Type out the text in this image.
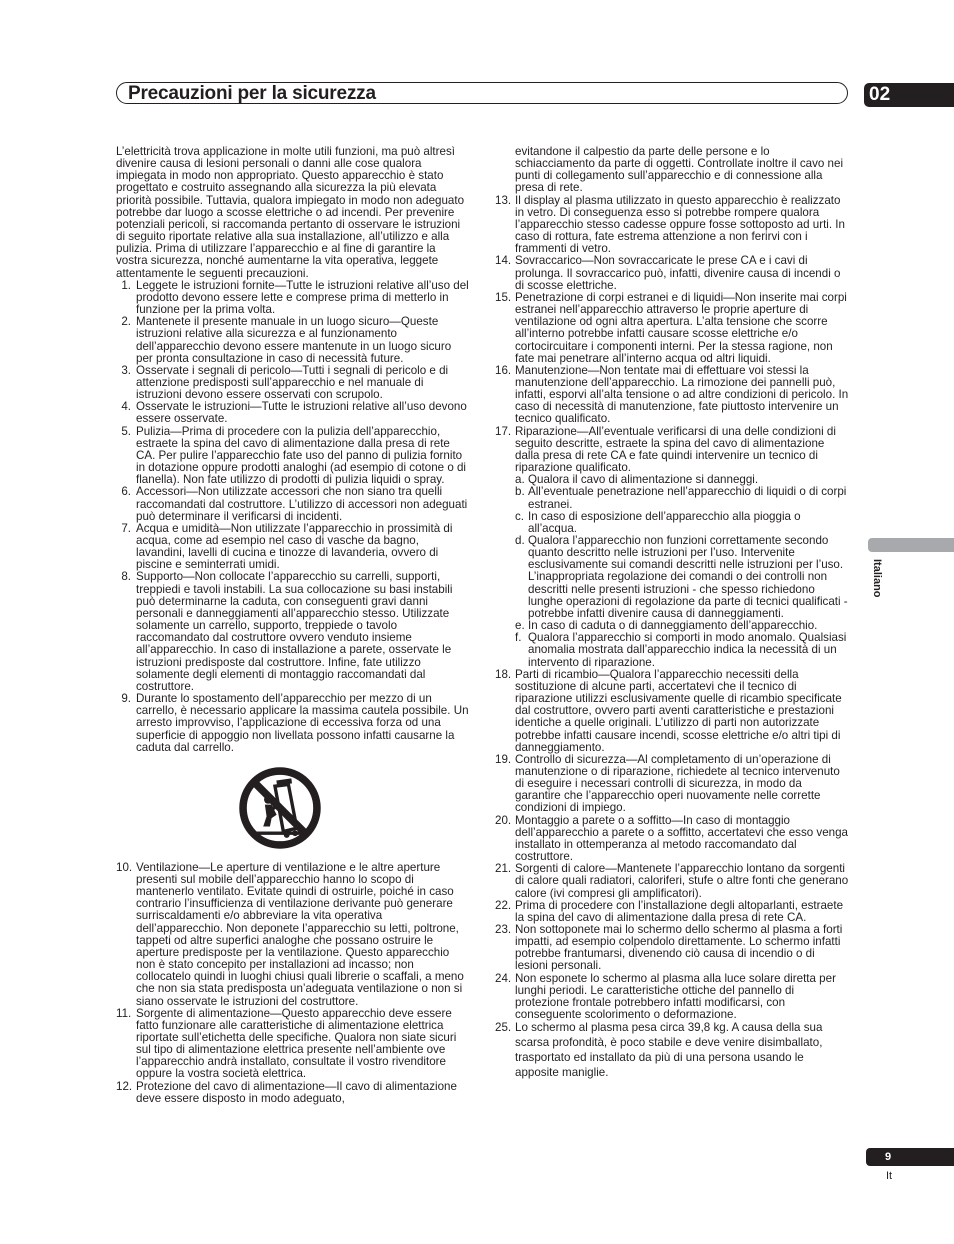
Precauzioni per la sicurezza	02
Italiano
9
It

L’elettricità trova applicazione in molte utili funzioni, ma può altresì divenire causa di lesioni personali o danni alle cose qualora impiegata in modo non appropriato. Questo apparecchio è stato progettato e costruito assegnando alla sicurezza la più elevata priorità possibile. Tuttavia, qualora impiegato in modo non adeguato potrebbe dar luogo a scosse elettriche o ad incendi. Per prevenire potenziali pericoli, si raccomanda pertanto di osservare le istruzioni di seguito riportate relative alla sua installazione, all’utilizzo e alla pulizia. Prima di utilizzare l’apparecchio e al fine di garantire la vostra sicurezza, nonché aumentarne la vita operativa, leggete attentamente le seguenti precauzioni.

1. Leggete le istruzioni fornite—Tutte le istruzioni relative all’uso del prodotto devono essere lette e comprese prima di metterlo in funzione per la prima volta.
2. Mantenete il presente manuale in un luogo sicuro—Queste istruzioni relative alla sicurezza e al funzionamento dell’apparecchio devono essere mantenute in un luogo sicuro per pronta consultazione in caso di necessità future.
3. Osservate i segnali di pericolo—Tutti i segnali di pericolo e di attenzione predisposti sull’apparecchio e nel manuale di istruzioni devono essere osservati con scrupolo.
4. Osservate le istruzioni—Tutte le istruzioni relative all’uso devono essere osservate.
5. Pulizia—Prima di procedere con la pulizia dell’apparecchio, estraete la spina del cavo di alimentazione dalla presa di rete CA. Per pulire l’apparecchio fate uso del panno di pulizia fornito in dotazione oppure prodotti analoghi (ad esempio di cotone o di flanella). Non fate utilizzo di prodotti di pulizia liquidi o spray.
6. Accessori—Non utilizzate accessori che non siano tra quelli raccomandati dal costruttore. L’utilizzo di accessori non adeguati può determinare il verificarsi di incidenti.
7. Acqua e umidità—Non utilizzate l’apparecchio in prossimità di acqua, come ad esempio nel caso di vasche da bagno, lavandini, lavelli di cucina e tinozze di lavanderia, ovvero di piscine e seminterrati umidi.
8. Supporto—Non collocate l’apparecchio su carrelli, supporti, treppiedi e tavoli instabili. La sua collocazione su basi instabili può determinarne la caduta, con conseguenti gravi danni personali e danneggiamenti all’apparecchio stesso. Utilizzate solamente un carrello, supporto, treppiede o tavolo raccomandato dal costruttore ovvero venduto insieme all’apparecchio. In caso di installazione a parete, osservate le istruzioni predisposte dal costruttore. Infine, fate utilizzo solamente degli elementi di montaggio raccomandati dal costruttore.
9. Durante lo spostamento dell’apparecchio per mezzo di un carrello, è necessario applicare la massima cautela possibile. Un arresto improvviso, l’applicazione di eccessiva forza od una superficie di appoggio non livellata possono infatti causarne la caduta dal carrello.
10. Ventilazione—Le aperture di ventilazione e le altre aperture presenti sul mobile dell’apparecchio hanno lo scopo di mantenerlo ventilato. Evitate quindi di ostruirle, poiché in caso contrario l’insufficienza di ventilazione derivante può generare surriscaldamenti e/o abbreviare la vita operativa dell’apparecchio. Non deponete l’apparecchio su letti, poltrone, tappeti od altre superfici analoghe che possano ostruire le aperture predisposte per la ventilazione. Questo apparecchio non è stato concepito per installazioni ad incasso; non collocatelo quindi in luoghi chiusi quali librerie o scaffali, a meno che non sia stata predisposta un’adeguata ventilazione o non si siano osservate le istruzioni del costruttore.
11. Sorgente di alimentazione—Questo apparecchio deve essere fatto funzionare alle caratteristiche di alimentazione elettrica riportate sull’etichetta delle specifiche. Qualora non siate sicuri sul tipo di alimentazione elettrica presente nell’ambiente ove l’apparecchio andrà installato, consultate il vostro rivenditore oppure la vostra società elettrica.
12. Protezione del cavo di alimentazione—Il cavo di alimentazione deve essere disposto in modo adeguato,

evitandone il calpestio da parte delle persone e lo schiacciamento da parte di oggetti. Controllate inoltre il cavo nei punti di collegamento sull’apparecchio e di connessione alla presa di rete.

13. Il display al plasma utilizzato in questo apparecchio è realizzato in vetro. Di conseguenza esso si potrebbe rompere qualora l’apparecchio stesso cadesse oppure fosse sottoposto ad urti. In caso di rottura, fate estrema attenzione a non ferirvi con i frammenti di vetro.
14. Sovraccarico—Non sovraccaricate le prese CA e i cavi di prolunga. Il sovraccarico può, infatti, divenire causa di incendi o di scosse elettriche.
15. Penetrazione di corpi estranei e di liquidi—Non inserite mai corpi estranei nell’apparecchio attraverso le proprie aperture di ventilazione od ogni altra apertura. L’alta tensione che scorre all’interno potrebbe infatti causare scosse elettriche e/o cortocircuitare i componenti interni. Per la stessa ragione, non fate mai penetrare all’interno acqua od altri liquidi.
16. Manutenzione—Non tentate mai di effettuare voi stessi la manutenzione dell’apparecchio. La rimozione dei pannelli può, infatti, esporvi all’alta tensione o ad altre condizioni di pericolo. In caso di necessità di manutenzione, fate piuttosto intervenire un tecnico qualificato.
17. Riparazione—All’eventuale verificarsi di una delle condizioni di seguito descritte, estraete la spina del cavo di alimentazione dalla presa di rete CA e fate quindi intervenire un tecnico di riparazione qualificato.
a. Qualora il cavo di alimentazione si danneggi.
b. All’eventuale penetrazione nell’apparecchio di liquidi o di corpi estranei.
c. In caso di esposizione dell’apparecchio alla pioggia o all’acqua.
d. Qualora l’apparecchio non funzioni correttamente secondo quanto descritto nelle istruzioni per l’uso. Intervenite esclusivamente sui comandi descritti nelle istruzioni per l’uso. L’inappropriata regolazione dei comandi o dei controlli non descritti nelle presenti istruzioni - che spesso richiedono lunghe operazioni di regolazione da parte di tecnici qualificati - potrebbe infatti divenire causa di danneggiamenti.
e. In caso di caduta o di danneggiamento dell’apparecchio.
f. Qualora l’apparecchio si comporti in modo anomalo. Qualsiasi anomalia mostrata dall’apparecchio indica la necessità di un intervento di riparazione.
18. Parti di ricambio—Qualora l’apparecchio necessiti della sostituzione di alcune parti, accertatevi che il tecnico di riparazione utilizzi esclusivamente quelle di ricambio specificate dal costruttore, ovvero parti aventi caratteristiche e prestazioni identiche a quelle originali. L’utilizzo di parti non autorizzate potrebbe infatti causare incendi, scosse elettriche e/o altri tipi di danneggiamento.
19. Controllo di sicurezza—Al completamento di un’operazione di manutenzione o di riparazione, richiedete al tecnico intervenuto di eseguire i necessari controlli di sicurezza, in modo da garantire che l’apparecchio operi nuovamente nelle corrette condizioni di impiego.
20. Montaggio a parete o a soffitto—In caso di montaggio dell’apparecchio a parete o a soffitto, accertatevi che esso venga installato in ottemperanza al metodo raccomandato dal costruttore.
21. Sorgenti di calore—Mantenete l’apparecchio lontano da sorgenti di calore quali radiatori, caloriferi, stufe o altre fonti che generano calore (ivi compresi gli amplificatori).
22. Prima di procedere con l’installazione degli altoparlanti, estraete la spina del cavo di alimentazione dalla presa di rete CA.
23. Non sottoponete mai lo schermo dello schermo al plasma a forti impatti, ad esempio colpendolo direttamente. Lo schermo infatti potrebbe frantumarsi, divenendo ciò causa di incendio o di lesioni personali.
24. Non esponete lo schermo al plasma alla luce solare diretta per lunghi periodi. Le caratteristiche ottiche del pannello di protezione frontale potrebbero infatti modificarsi, con conseguente scolorimento o deformazione.
25. Lo schermo al plasma pesa circa 39,8 kg. A causa della sua scarsa profondità, è poco stabile e deve venire disimballato, trasportato ed installato da più di una persona usando le apposite maniglie.
